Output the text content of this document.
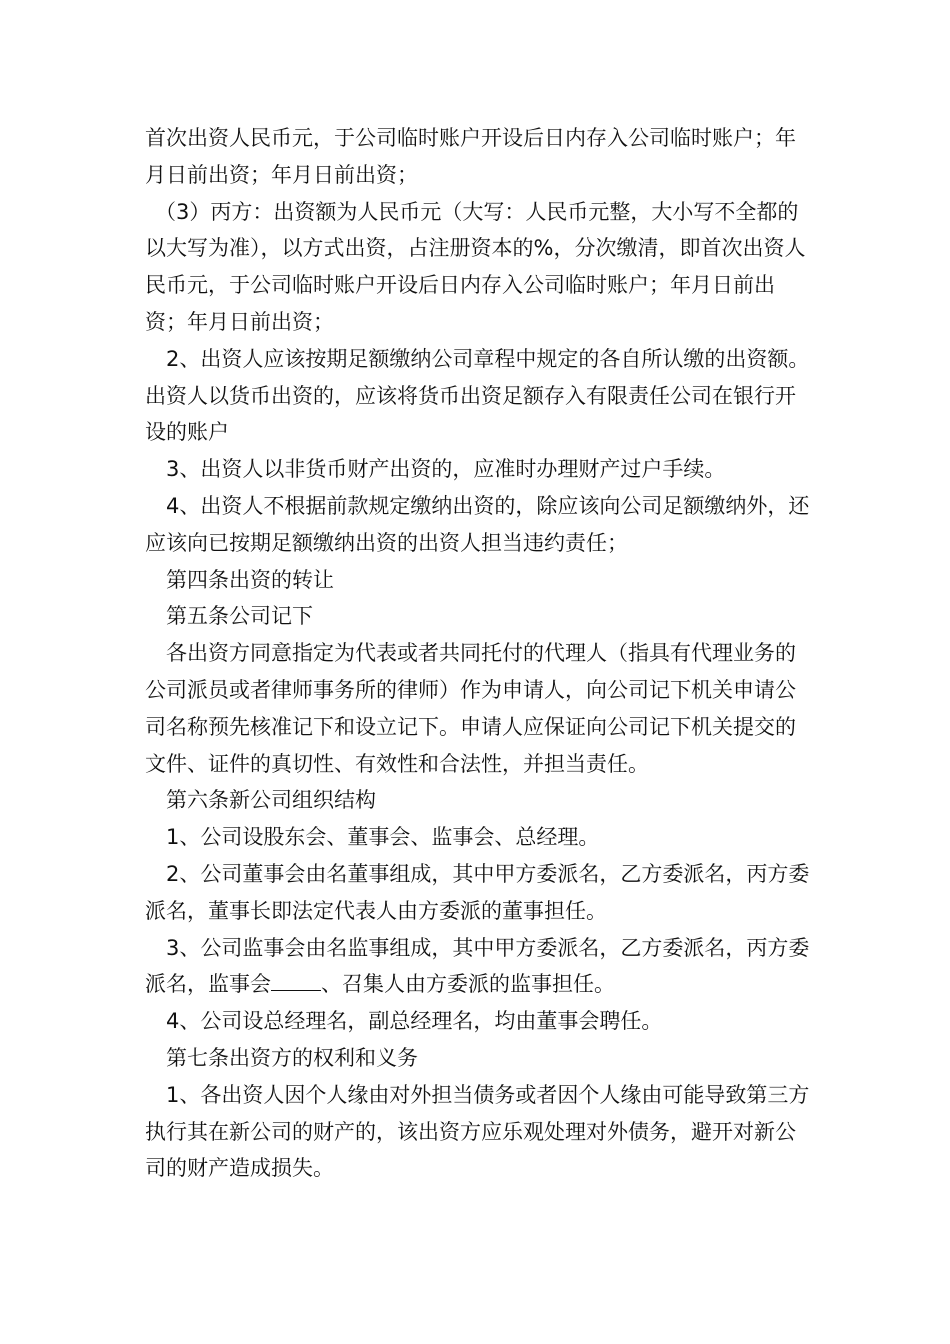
首次出资人民币元，于公司临时账户开设后日内存入公司临时账户；年月日前出资；年月日前出资；

（3）丙方：出资额为人民币元（大写：人民币元整，大小写不全都的以大写为准），以方式出资，占注册资本的%，分次缴清，即首次出资人民币元，于公司临时账户开设后日内存入公司临时账户；年月日前出资；年月日前出资；

2、出资人应该按期足额缴纳公司章程中规定的各自所认缴的出资额。出资人以货币出资的，应该将货币出资足额存入有限责任公司在银行开设的账户

3、出资人以非货币财产出资的，应准时办理财产过户手续。

4、出资人不根据前款规定缴纳出资的，除应该向公司足额缴纳外，还应该向已按期足额缴纳出资的出资人担当违约责任；

第四条出资的转让

第五条公司记下

各出资方同意指定为代表或者共同托付的代理人（指具有代理业务的公司派员或者律师事务所的律师）作为申请人，向公司记下机关申请公司名称预先核准记下和设立记下。申请人应保证向公司记下机关提交的文件、证件的真切性、有效性和合法性，并担当责任。

第六条新公司组织结构

1、公司设股东会、董事会、监事会、总经理。

2、公司董事会由名董事组成，其中甲方委派名，乙方委派名，丙方委派名，董事长即法定代表人由方委派的董事担任。

3、公司监事会由名监事组成，其中甲方委派名，乙方委派名，丙方委派名，监事会 、召集人由方委派的监事担任。

4、公司设总经理名，副总经理名，均由董事会聘任。

第七条出资方的权利和义务

1、各出资人因个人缘由对外担当债务或者因个人缘由可能导致第三方执行其在新公司的财产的，该出资方应乐观处理对外债务，避开对新公司的财产造成损失。
